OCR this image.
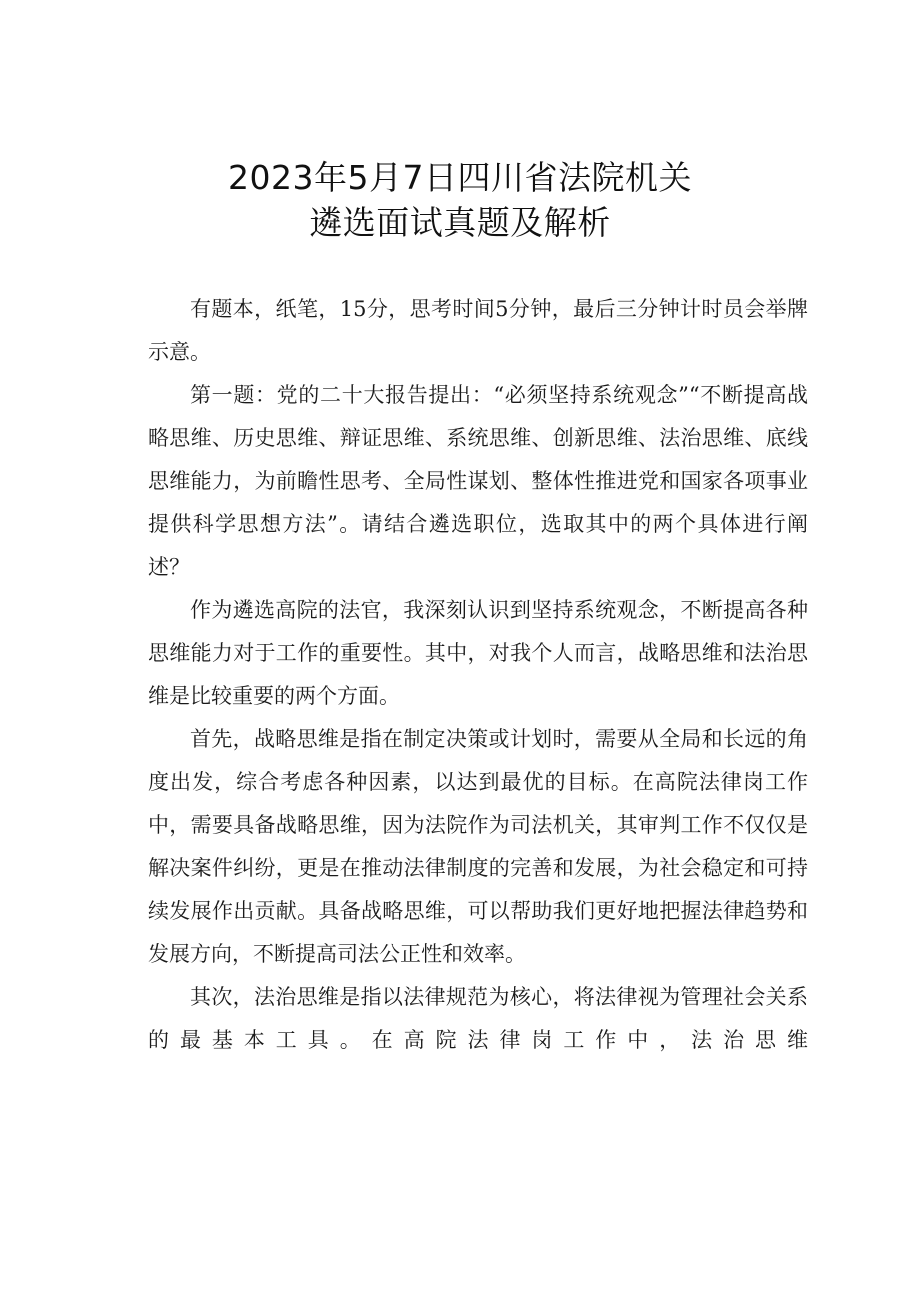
2023年5月7日四川省法院机关
遴选面试真题及解析

有题本，纸笔，15分，思考时间5分钟，最后三分钟计时员会举牌示意。

第一题：党的二十大报告提出：“必须坚持系统观念”“不断提高战略思维、历史思维、辩证思维、系统思维、创新思维、法治思维、底线思维能力，为前瞻性思考、全局性谋划、整体性推进党和国家各项事业提供科学思想方法”。请结合遴选职位，选取其中的两个具体进行阐述？

作为遴选高院的法官，我深刻认识到坚持系统观念，不断提高各种思维能力对于工作的重要性。其中，对我个人而言，战略思维和法治思维是比较重要的两个方面。

首先，战略思维是指在制定决策或计划时，需要从全局和长远的角度出发，综合考虑各种因素，以达到最优的目标。在高院法律岗工作中，需要具备战略思维，因为法院作为司法机关，其审判工作不仅仅是解决案件纠纷，更是在推动法律制度的完善和发展，为社会稳定和可持续发展作出贡献。具备战略思维，可以帮助我们更好地把握法律趋势和发展方向，不断提高司法公正性和效率。

其次，法治思维是指以法律规范为核心，将法律视为管理社会关系的最基本工具。在高院法律岗工作中，法治思维
